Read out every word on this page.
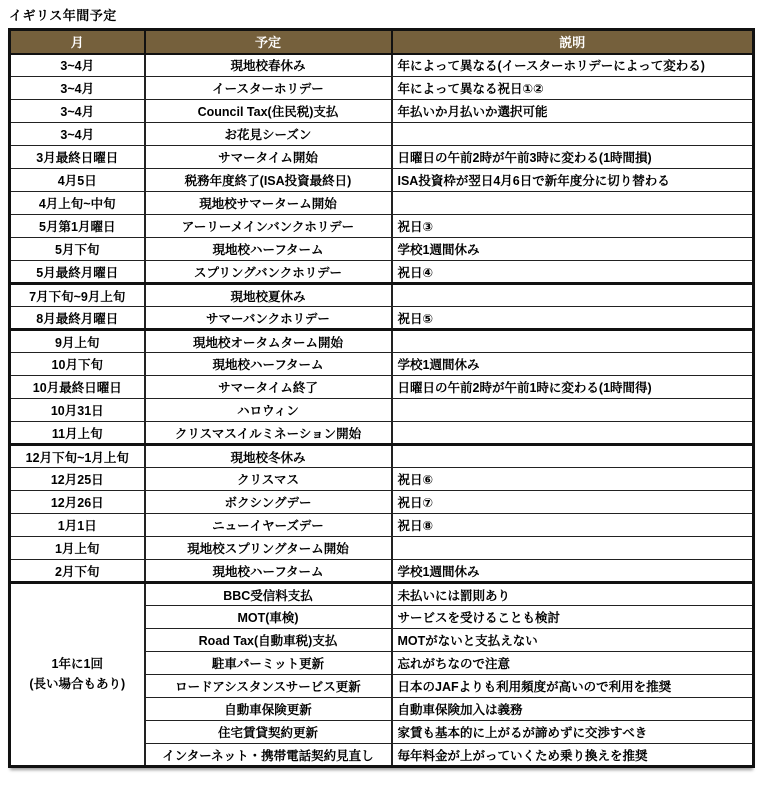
イギリス年間予定
月	予定	説明
3~4月	現地校春休み	年によって異なる(イースターホリデーによって変わる)
3~4月	イースターホリデー	年によって異なる祝日①②
3~4月	Council Tax(住民税)支払	年払いか月払いか選択可能
3~4月	お花見シーズン	
3月最終日曜日	サマータイム開始	日曜日の午前2時が午前3時に変わる(1時間損)
4月5日	税務年度終了(ISA投資最終日)	ISA投資枠が翌日4月6日で新年度分に切り替わる
4月上旬~中旬	現地校サマーターム開始	
5月第1月曜日	アーリーメインバンクホリデー	祝日③
5月下旬	現地校ハーフターム	学校1週間休み
5月最終月曜日	スプリングバンクホリデー	祝日④
7月下旬~9月上旬	現地校夏休み	
8月最終月曜日	サマーバンクホリデー	祝日⑤
9月上旬	現地校オータムターム開始	
10月下旬	現地校ハーフターム	学校1週間休み
10月最終日曜日	サマータイム終了	日曜日の午前2時が午前1時に変わる(1時間得)
10月31日	ハロウィン	
11月上旬	クリスマスイルミネーション開始	
12月下旬~1月上旬	現地校冬休み	
12月25日	クリスマス	祝日⑥
12月26日	ボクシングデー	祝日⑦
1月1日	ニューイヤーズデー	祝日⑧
1月上旬	現地校スプリングターム開始	
2月下旬	現地校ハーフターム	学校1週間休み

1年に1回
(長い場合もあり)	BBC受信料支払	未払いには罰則あり
	MOT(車検)	サービスを受けることも検討
	Road Tax(自動車税)支払	MOTがないと支払えない
	駐車パーミット更新	忘れがちなので注意
	ロードアシスタンスサービス更新	日本のJAFよりも利用頻度が高いので利用を推奨
	自動車保険更新	自動車保険加入は義務
	住宅賃貸契約更新	家賃も基本的に上がるが諦めずに交渉すべき
	インターネット・携帯電話契約見直し	毎年料金が上がっていくため乗り換えを推奨
